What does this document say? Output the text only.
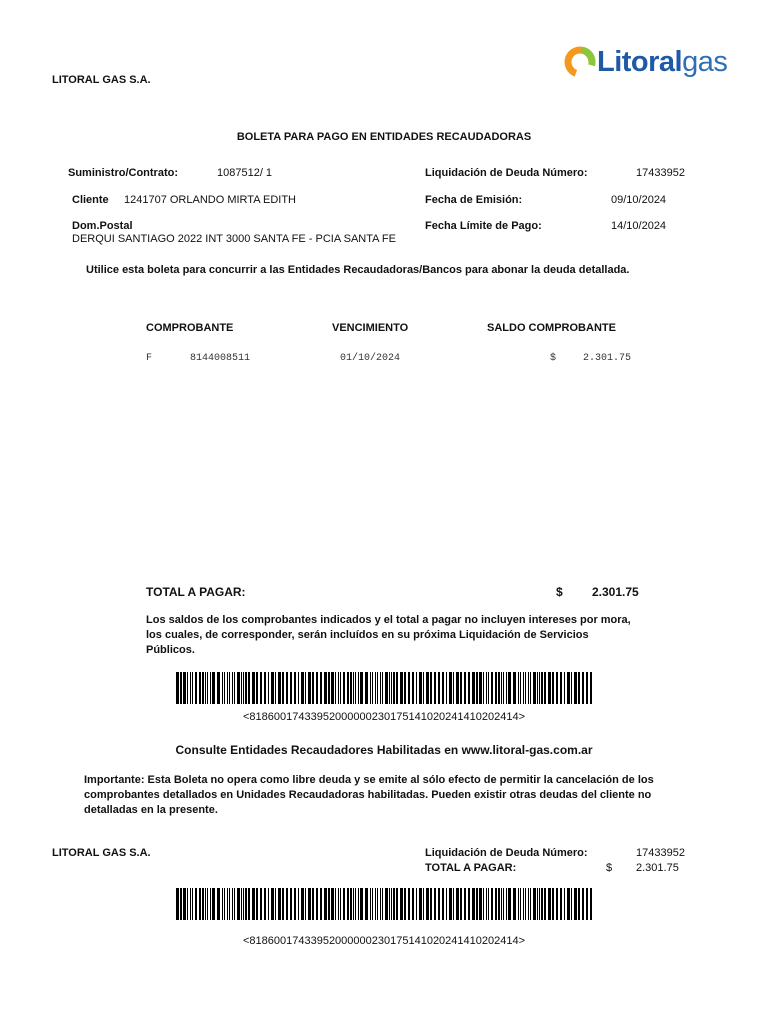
LITORAL GAS S.A.
Litoralgas
BOLETA PARA PAGO EN ENTIDADES RECAUDADORAS
Suministro/Contrato:	1087512/ 1
Cliente 1241707 ORLANDO MIRTA EDITH
Dom.Postal
DERQUI SANTIAGO 2022 INT 3000 SANTA FE - PCIA SANTA FE
Liquidación de Deuda Número:	17433952
Fecha de Emisión:	09/10/2024
Fecha Límite de Pago:	14/10/2024
Utilice esta boleta para concurrir a las Entidades Recaudadoras/Bancos para abonar la deuda detallada.
COMPROBANTE	VENCIMIENTO	SALDO COMPROBANTE
F	8144008511	01/10/2024	$	2.301.75
TOTAL A PAGAR:	$ 2.301.75
Los saldos de los comprobantes indicados y el total a pagar no incluyen intereses por mora, los cuales, de corresponder, serán incluídos en su próxima Liquidación de Servicios Públicos.
<81860017433952000000230175141020241410202414>
Consulte Entidades Recaudadores Habilitadas en www.litoral-gas.com.ar
Importante: Esta Boleta no opera como libre deuda y se emite al sólo efecto de permitir la cancelación de los comprobantes detallados en Unidades Recaudadoras habilitadas. Pueden existir otras deudas del cliente no detalladas en la presente.
LITORAL GAS S.A.	Liquidación de Deuda Número:	17433952
TOTAL A PAGAR:	$ 2.301.75
<81860017433952000000230175141020241410202414>
